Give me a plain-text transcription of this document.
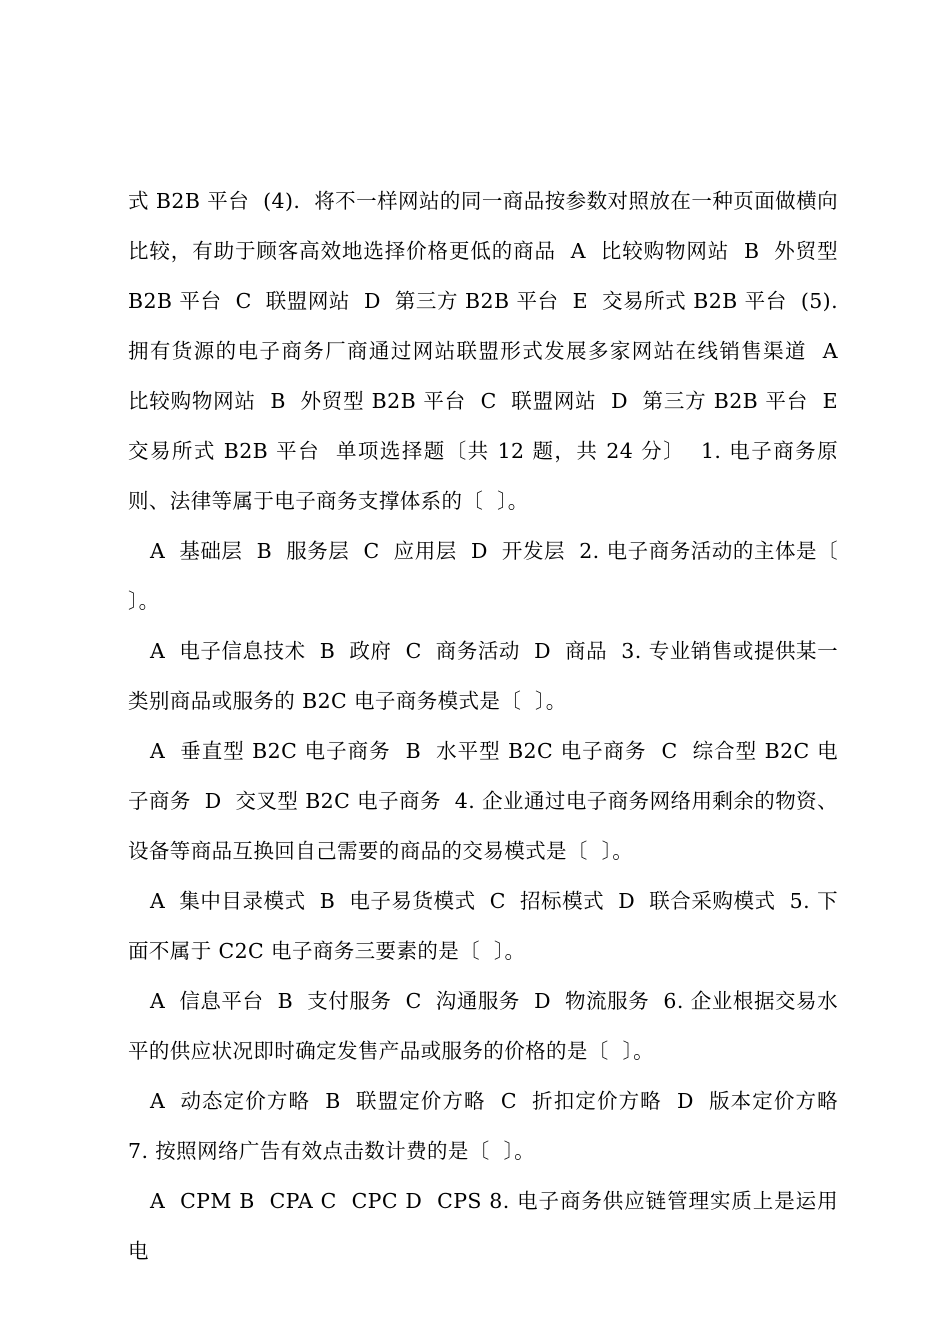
式 B2B 平台  (4).  将不一样网站的同一商品按参数对照放在一种页面做横向比较，有助于顾客高效地选择价格更低的商品  A  比较购物网站  B  外贸型 B2B 平台  C  联盟网站  D  第三方 B2B 平台  E  交易所式 B2B 平台  (5).  拥有货源的电子商务厂商通过网站联盟形式发展多家网站在线销售渠道  A  比较购物网站  B  外贸型 B2B 平台  C  联盟网站  D  第三方 B2B 平台  E  交易所式 B2B 平台  单项选择题〔共 12 题，共 24 分〕  1. 电子商务原则、法律等属于电子商务支撑体系的〔  〕。

A  基础层  B  服务层  C  应用层  D  开发层  2. 电子商务活动的主体是〔  〕。

A  电子信息技术  B  政府  C  商务活动  D  商品  3. 专业销售或提供某一类别商品或服务的 B2C 电子商务模式是〔  〕。

A  垂直型 B2C 电子商务  B  水平型 B2C 电子商务  C  综合型 B2C 电子商务  D  交叉型 B2C 电子商务  4. 企业通过电子商务网络用剩余的物资、设备等商品互换回自己需要的商品的交易模式是〔  〕。

A  集中目录模式  B  电子易货模式  C  招标模式  D  联合采购模式  5. 下面不属于 C2C 电子商务三要素的是〔  〕。

A  信息平台  B  支付服务  C  沟通服务  D  物流服务  6. 企业根据交易水平的供应状况即时确定发售产品或服务的价格的是〔  〕。

A  动态定价方略  B  联盟定价方略  C  折扣定价方略  D  版本定价方略  7. 按照网络广告有效点击数计费的是〔  〕。

A  CPM B  CPA C  CPC D  CPS 8. 电子商务供应链管理实质上是运用电
